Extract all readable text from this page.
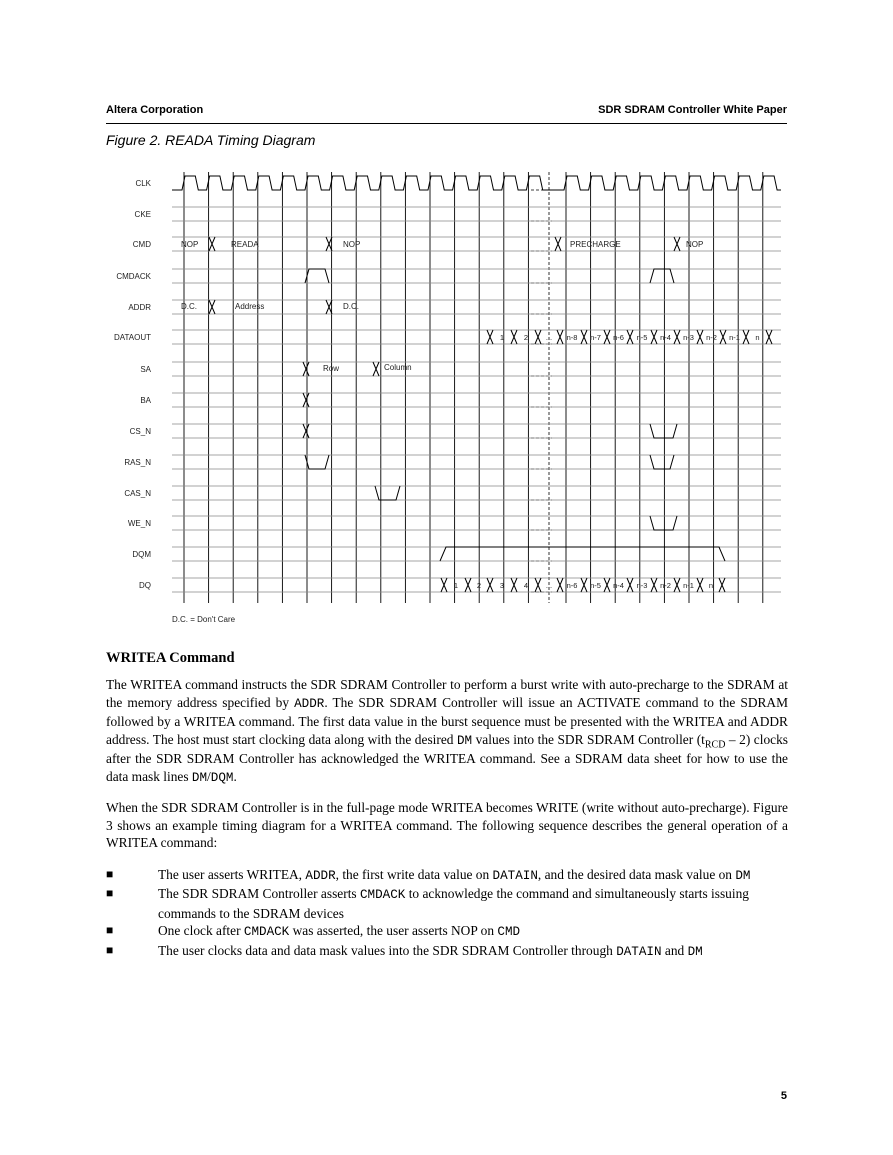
Altera Corporation	SDR SDRAM Controller White Paper
Figure 2. READA Timing Diagram
CLK
CKE
CMD
CMDACK
ADDR
DATAOUT
SA
BA
CS_N
RAS_N
CAS_N
WE_N
DQM
DQ
NOP	READA	NOP	PRECHARGE	NOP
D.C.	Address	D.C.
1	2 ... n-8 n-7 n-6 n-5 n-4 n-3 n-2 n-1 n
Row	Column
1	2	3	4 ... n-6 n-5 n-4 n-3 n-2 n-1 n
D.C. = Don't Care
WRITEA Command

The WRITEA command instructs the SDR SDRAM Controller to perform a burst write with auto-precharge to the SDRAM at the memory address specified by ADDR. The SDR SDRAM Controller will issue an ACTIVATE command to the SDRAM followed by a WRITEA command. The first data value in the burst sequence must be presented with the WRITEA and ADDR address. The host must start clocking data along with the desired DM values into the SDR SDRAM Controller $(t_{RCD} - 2)$ clocks after the SDR SDRAM Controller has acknowledged the WRITEA command. See a SDRAM data sheet for how to use the data mask lines DM/DQM.

When the SDR SDRAM Controller is in the full-page mode WRITEA becomes WRITE (write without auto-precharge). Figure 3 shows an example timing diagram for a WRITEA command. The following sequence describes the general operation of a WRITEA command:

■	The user asserts WRITEA, ADDR, the first write data value on DATAIN, and the desired data mask value on DM
■	The SDR SDRAM Controller asserts CMDACK to acknowledge the command and simultaneously starts issuing commands to the SDRAM devices
■	One clock after CMDACK was asserted, the user asserts NOP on CMD
■	The user clocks data and data mask values into the SDR SDRAM Controller through DATAIN and DM
5
